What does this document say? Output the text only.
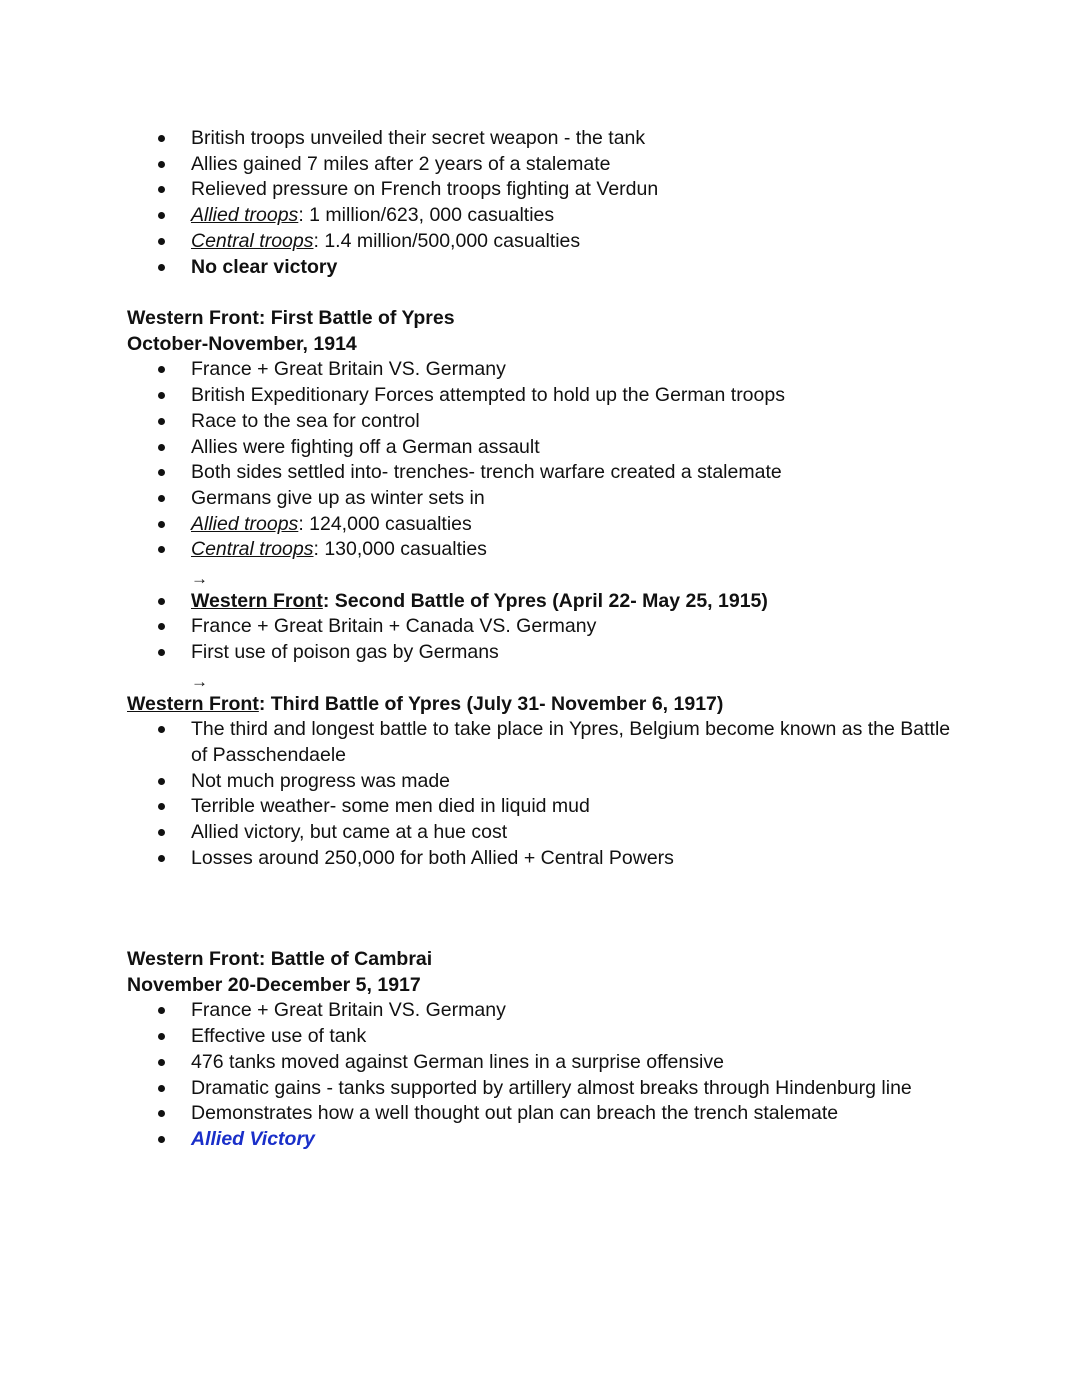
British troops unveiled their secret weapon - the tank
Allies gained 7 miles after 2 years of a stalemate
Relieved pressure on French troops fighting at Verdun
Allied troops: 1 million/623, 000 casualties
Central troops: 1.4 million/500,000 casualties
No clear victory
Western Front: First Battle of Ypres
October-November, 1914
France + Great Britain VS. Germany
British Expeditionary Forces attempted to hold up the German troops
Race to the sea for control
Allies were fighting off a German assault
Both sides settled into- trenches- trench warfare created a stalemate
Germans give up as winter sets in
Allied troops: 124,000 casualties
Central troops: 130,000 casualties
→
Western Front: Second Battle of Ypres (April 22- May 25, 1915)
France + Great Britain + Canada VS. Germany
First use of poison gas by Germans
→
Western Front: Third Battle of Ypres (July 31- November 6, 1917)
The third and longest battle to take place in Ypres, Belgium become known as the Battle of Passchendaele
Not much progress was made
Terrible weather- some men died in liquid mud
Allied victory, but came at a hue cost
Losses around 250,000 for both Allied + Central Powers
Western Front: Battle of Cambrai
November 20-December 5, 1917
France + Great Britain VS. Germany
Effective use of tank
476 tanks moved against German lines in a surprise offensive
Dramatic gains - tanks supported by artillery almost breaks through Hindenburg line
Demonstrates how a well thought out plan can breach the trench stalemate
Allied Victory
